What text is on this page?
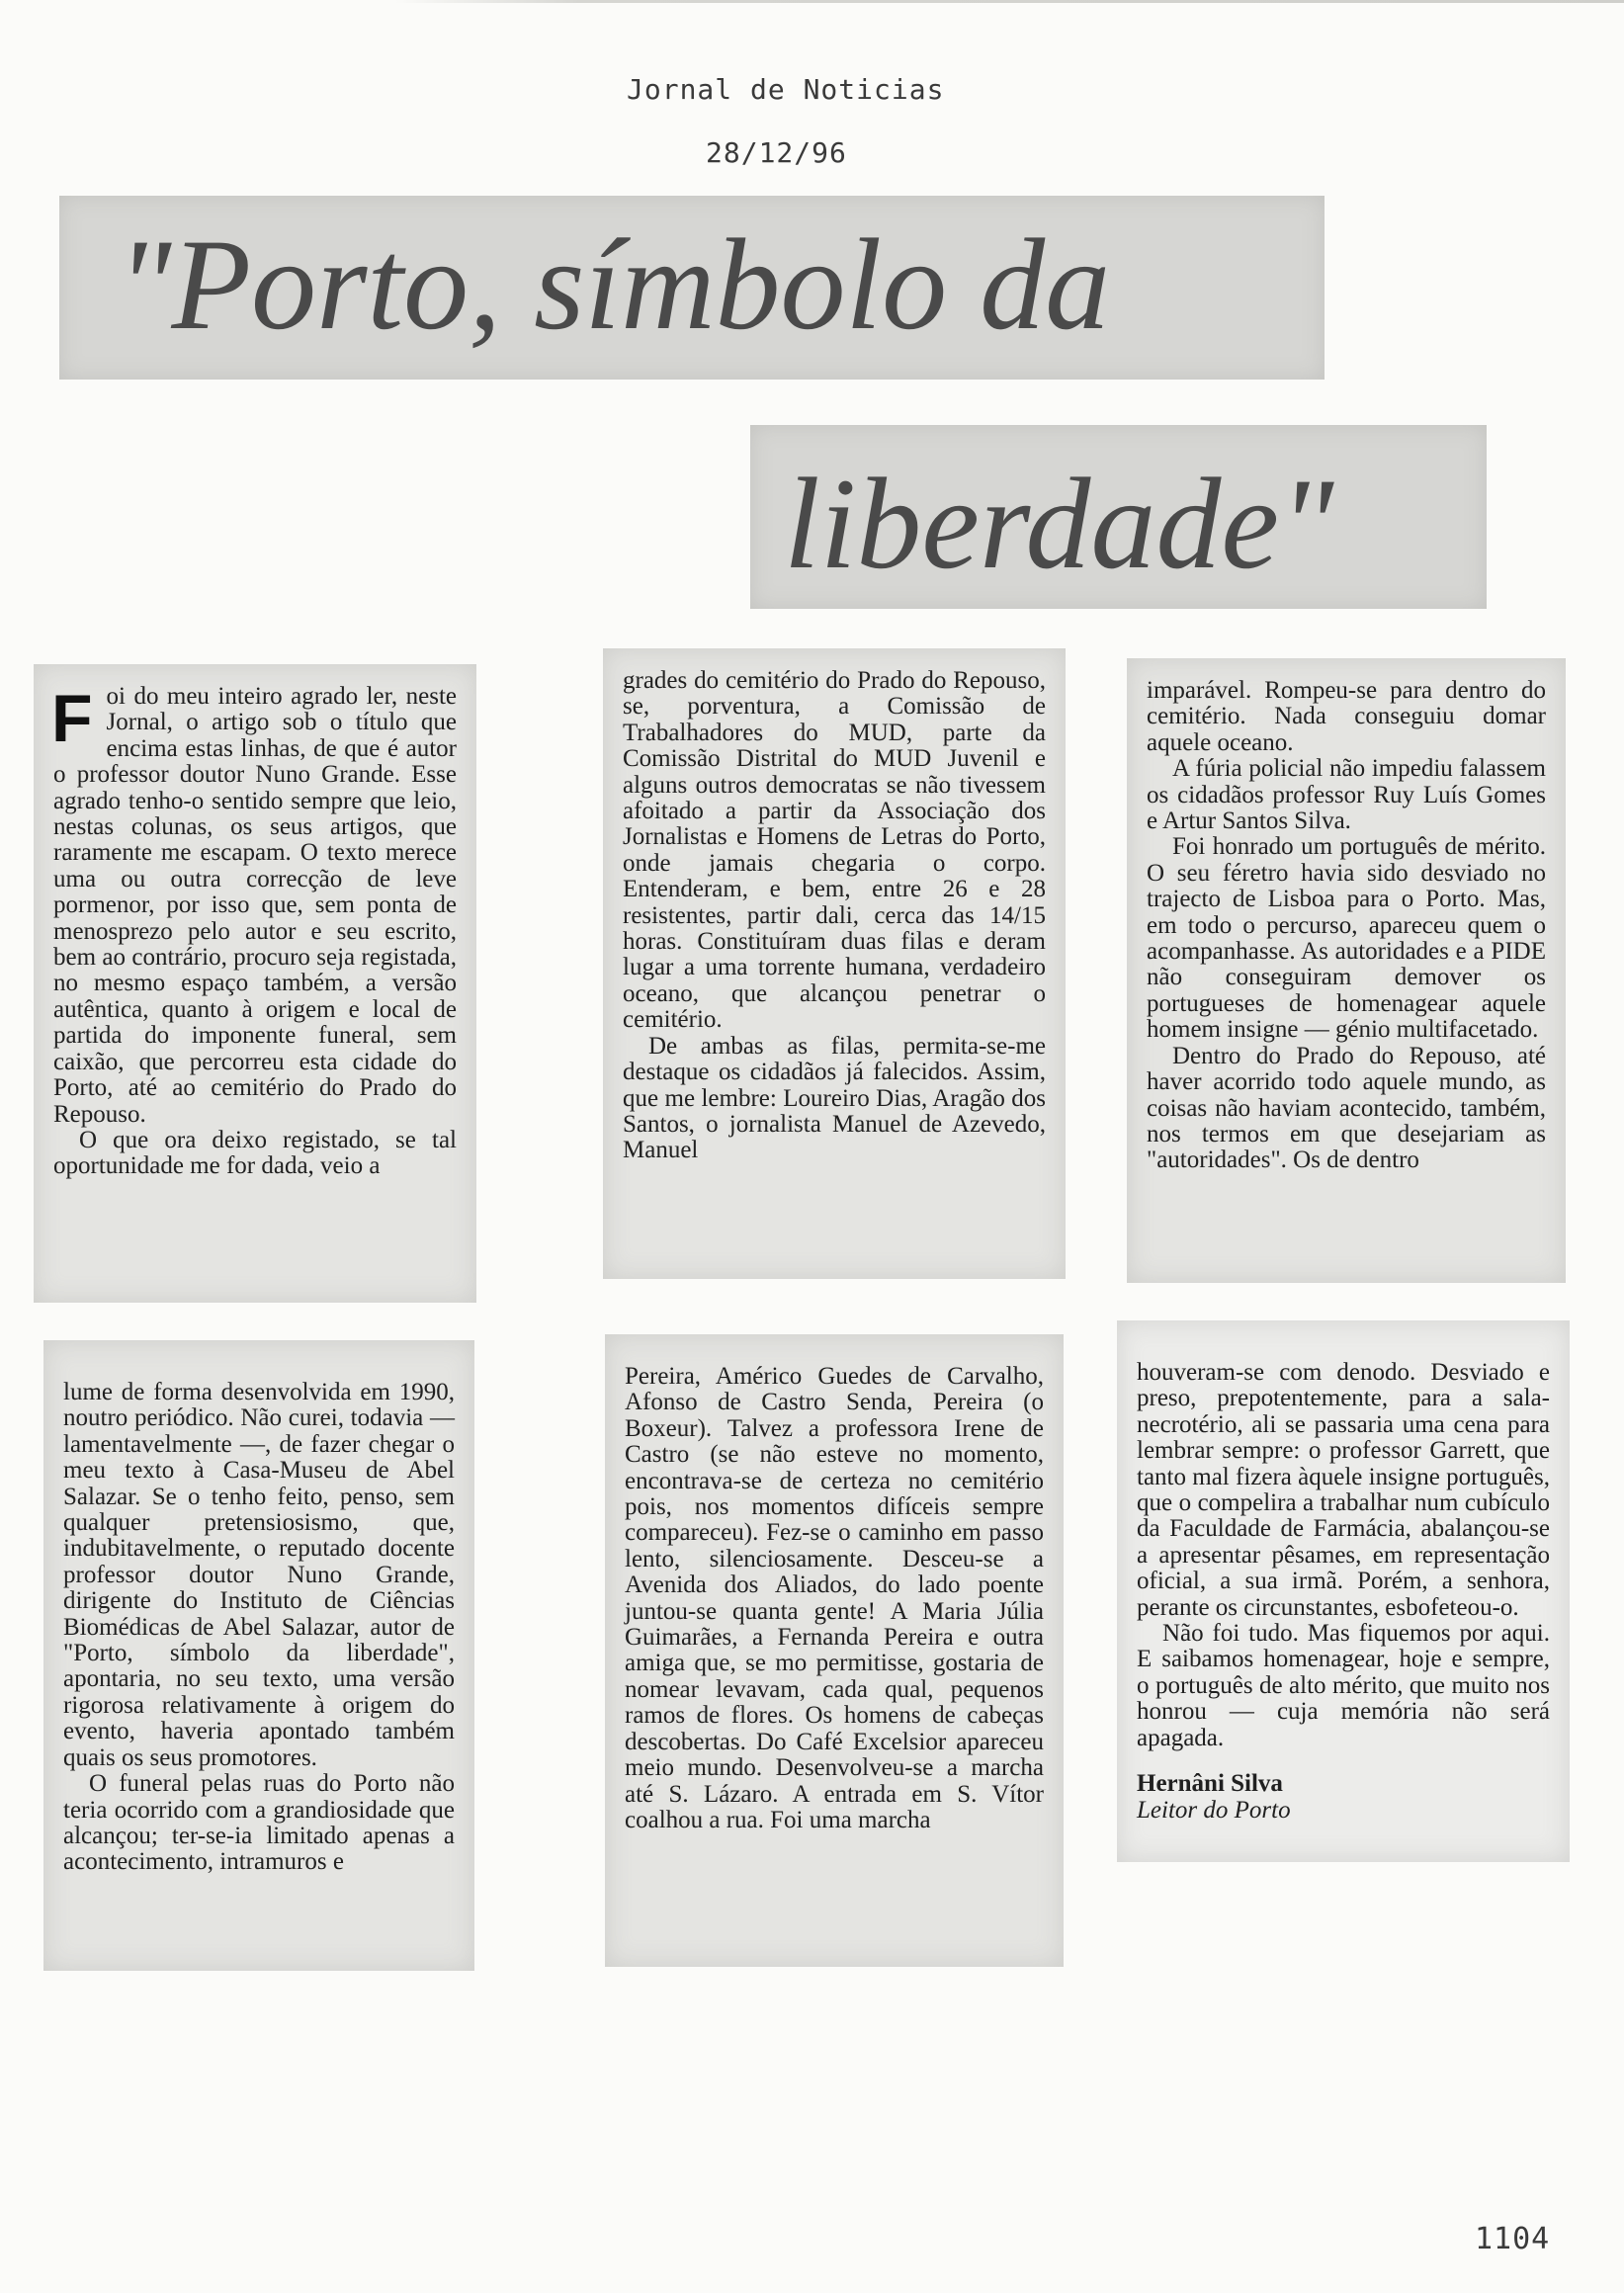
Jornal de Noticias
28/12/96
"Porto, símbolo da
liberdade"
F oi do meu inteiro agrado ler, neste Jornal, o artigo sob o título que encima estas linhas, de que é autor o professor doutor Nuno Grande. Esse agrado tenho-o sentido sempre que leio, nestas colunas, os seus artigos, que raramente me escapam. O texto merece uma ou outra correcção de leve pormenor, por isso que, sem ponta de menosprezo pelo autor e seu escrito, bem ao contrário, procuro seja registada, no mesmo espaço também, a versão autêntica, quanto à origem e local de partida do imponente funeral, sem caixão, que percorreu esta cidade do Porto, até ao cemitério do Prado do Repouso.

O que ora deixo registado, se tal oportunidade me for dada, veio a

grades do cemitério do Prado do Repouso, se, porventura, a Comissão de Trabalhadores do MUD, parte da Comissão Distrital do MUD Juvenil e alguns outros democratas se não tivessem afoitado a partir da Associação dos Jornalistas e Homens de Letras do Porto, onde jamais chegaria o corpo. Entenderam, e bem, entre 26 e 28 resistentes, partir dali, cerca das 14/15 horas. Constituíram duas filas e deram lugar a uma torrente humana, verdadeiro oceano, que alcançou penetrar o cemitério.

De ambas as filas, permita-se-me destaque os cidadãos já falecidos. Assim, que me lembre: Loureiro Dias, Aragão dos Santos, o jornalista Manuel de Azevedo, Manuel

imparável. Rompeu-se para dentro do cemitério. Nada conseguiu domar aquele oceano.

A fúria policial não impediu falassem os cidadãos professor Ruy Luís Gomes e Artur Santos Silva.

Foi honrado um português de mérito. O seu féretro havia sido desviado no trajecto de Lisboa para o Porto. Mas, em todo o percurso, apareceu quem o acompanhasse. As autoridades e a PIDE não conseguiram demover os portugueses de homenagear aquele homem insigne — génio multifacetado.

Dentro do Prado do Repouso, até haver acorrido todo aquele mundo, as coisas não haviam acontecido, também, nos termos em que desejariam as "autoridades". Os de dentro

lume de forma desenvolvida em 1990, noutro periódico. Não curei, todavia — lamentavelmente —, de fazer chegar o meu texto à Casa-Museu de Abel Salazar. Se o tenho feito, penso, sem qualquer pretensiosismo, que, indubitavelmente, o reputado docente professor doutor Nuno Grande, dirigente do Instituto de Ciências Biomédicas de Abel Salazar, autor de "Porto, símbolo da liberdade", apontaria, no seu texto, uma versão rigorosa relativamente à origem do evento, haveria apontado também quais os seus promotores.

O funeral pelas ruas do Porto não teria ocorrido com a grandiosidade que alcançou; ter-se-ia limitado apenas a acontecimento, intramuros e

Pereira, Américo Guedes de Carvalho, Afonso de Castro Senda, Pereira (o Boxeur). Talvez a professora Irene de Castro (se não esteve no momento, encontrava-se de certeza no cemitério pois, nos momentos difíceis sempre compareceu). Fez-se o caminho em passo lento, silenciosamente. Desceu-se a Avenida dos Aliados, do lado poente juntou-se quanta gente! A Maria Júlia Guimarães, a Fernanda Pereira e outra amiga que, se mo permitisse, gostaria de nomear levavam, cada qual, pequenos ramos de flores. Os homens de cabeças descobertas. Do Café Excelsior apareceu meio mundo. Desenvolveu-se a marcha até S. Lázaro. A entrada em S. Vítor coalhou a rua. Foi uma marcha

houveram-se com denodo. Desviado e preso, prepotentemente, para a sala-necrotério, ali se passaria uma cena para lembrar sempre: o professor Garrett, que tanto mal fizera àquele insigne português, que o compelira a trabalhar num cubículo da Faculdade de Farmácia, abalançou-se a apresentar pêsames, em representação oficial, a sua irmã. Porém, a senhora, perante os circunstantes, esbofeteou-o.

Não foi tudo. Mas fiquemos por aqui. E saibamos homenagear, hoje e sempre, o português de alto mérito, que muito nos honrou — cuja memória não será apagada.

Hernâni Silva
Leitor do Porto
1104
